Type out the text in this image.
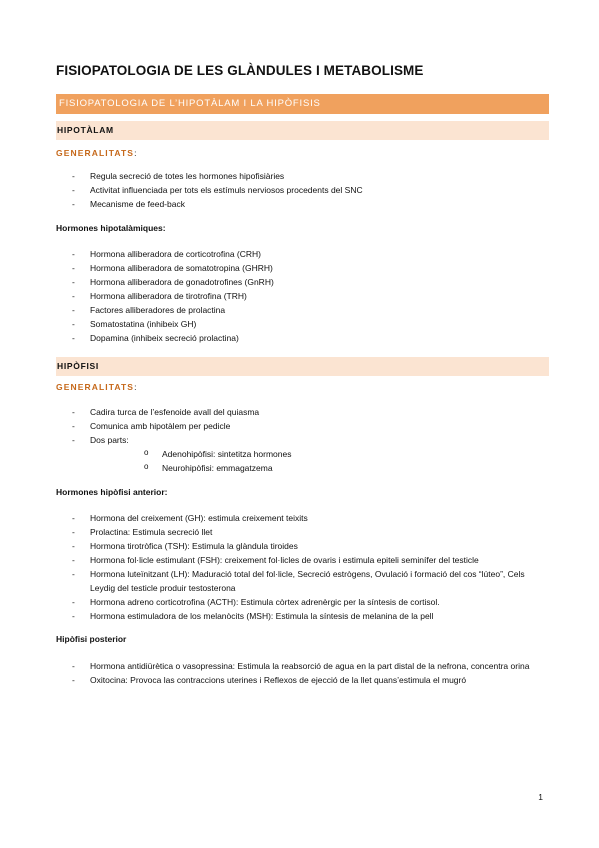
FISIOPATOLOGIA DE LES GLÀNDULES I METABOLISME
FISIOPATOLOGIA DE L’HIPOTÀLAM I LA HIPÒFISIS
HIPOTÀLAM
GENERALITATS:
- Regula secreció de totes les hormones hipofisiàries
- Activitat influenciada per tots els estímuls nerviosos procedents del SNC
- Mecanisme de feed-back
Hormones hipotalàmiques:
- Hormona alliberadora de corticotrofina (CRH)
- Hormona alliberadora de somatotropina (GHRH)
- Hormona alliberadora de gonadotrofines (GnRH)
- Hormona alliberadora de tirotrofina (TRH)
- Factores alliberadores de prolactina
- Somatostatina (inhibeix GH)
- Dopamina (inhibeix secreció prolactina)
HIPÒFISI
GENERALITATS:
- Cadira turca de l’esfenoide avall del quiasma
- Comunica amb hipotàlem per pedicle
- Dos parts:
o Adenohipòfisi: sintetitza hormones
o Neurohipòfisi: emmagatzema
Hormones hipòfisi anterior:
- Hormona del creixement (GH): estimula creixement teixits
- Prolactina: Estimula secreció llet
- Hormona tirotròfica (TSH): Estimula la glàndula tiroides
- Hormona fol·licle estimulant (FSH): creixement fol·licles de ovaris i estimula epiteli seminífer del testicle
- Hormona luteïnitzant (LH): Maduració total del fol·licle, Secreció estrògens, Ovulació i formació del cos “lúteo”, Cels Leydig del testicle produir testosterona
- Hormona adreno corticotrofina (ACTH): Estimula còrtex adrenèrgic per la síntesis de cortisol.
- Hormona estimuladora de los melanòcits (MSH): Estimula la síntesis de melanina de la pell
Hipòfisi posterior
- Hormona antidiürètica o vasopressina: Estimula la reabsorció de agua en la part distal de la nefrona, concentra orina
- Oxitocina: Provoca las contraccions uterines i Reflexos de ejecció de la llet quans’estimula el mugró
1
